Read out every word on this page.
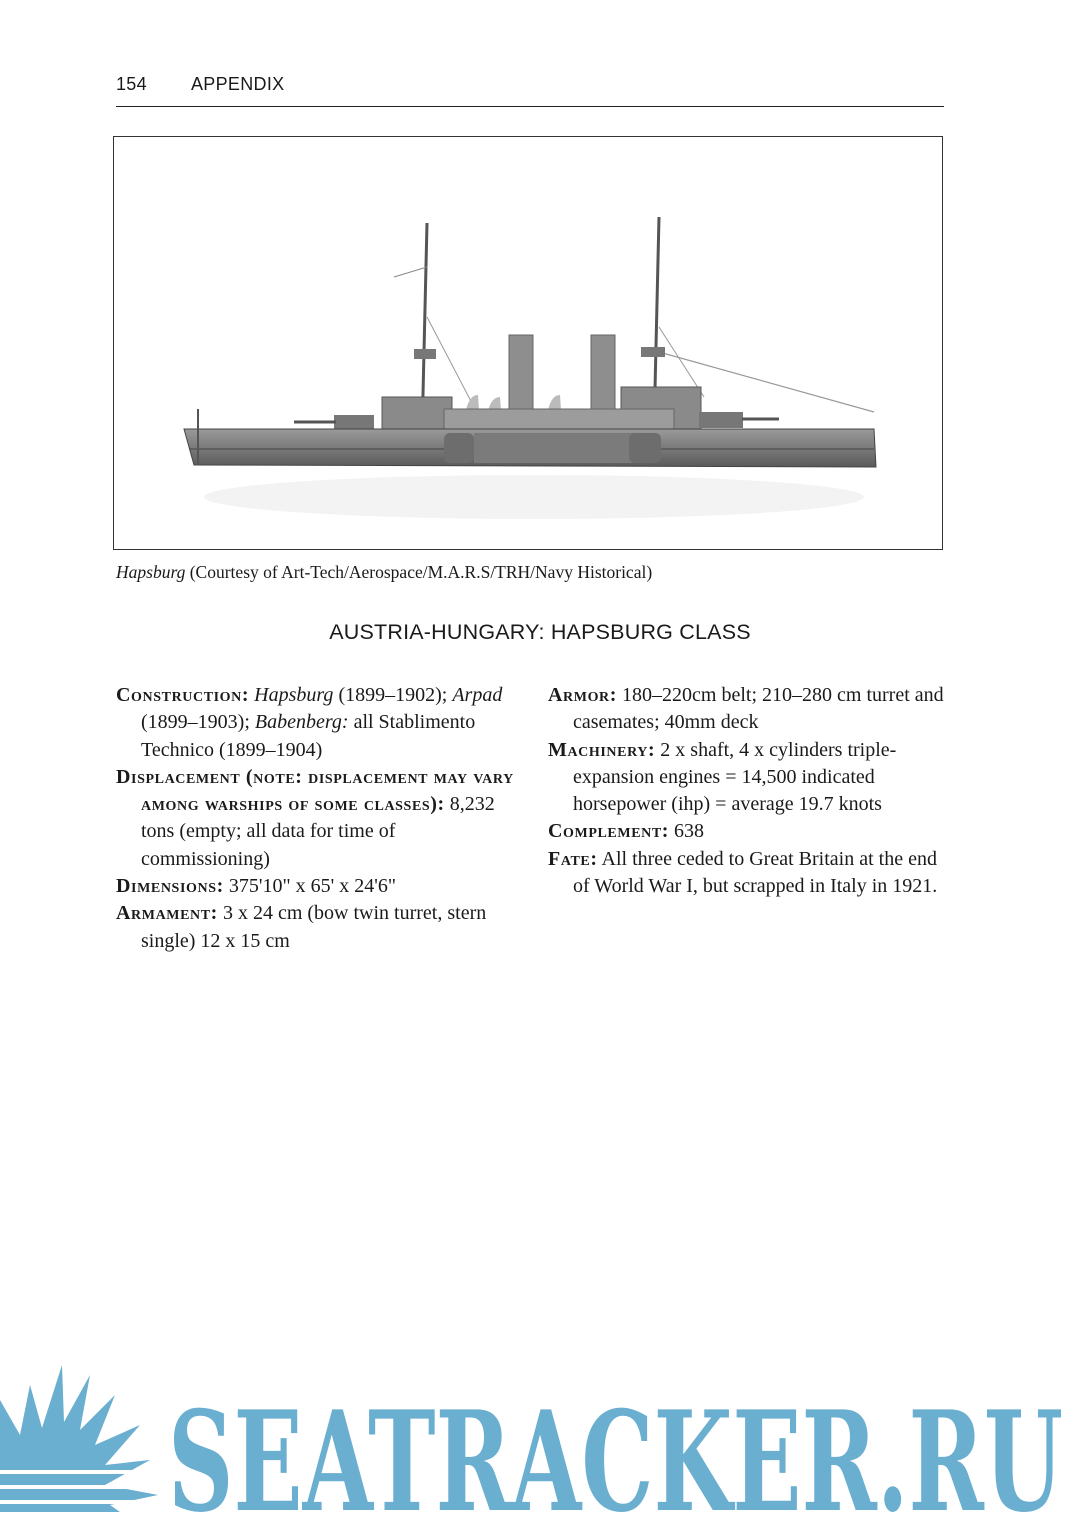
154 APPENDIX
Hapsburg (Courtesy of Art-Tech/Aerospace/M.A.R.S/TRH/Navy Historical)
AUSTRIA-HUNGARY: HAPSBURG CLASS

Construction: Hapsburg (1899–1902); Arpad (1899–1903); Babenberg: all Stablimento Technico (1899–1904)

Displacement (note: displacement may vary among warships of some classes): 8,232 tons (empty; all data for time of commissioning)

Dimensions: 375'10" x 65' x 24'6"

Armament: 3 x 24 cm (bow twin turret, stern single) 12 x 15 cm

Armor: 180–220cm belt; 210–280 cm turret and casemates; 40mm deck

Machinery: 2 x shaft, 4 x cylinders triple-expansion engines = 14,500 indicated horsepower (ihp) = average 19.7 knots

Complement: 638

Fate: All three ceded to Great Britain at the end of World War I, but scrapped in Italy in 1921.

SEATRACKER.RU
